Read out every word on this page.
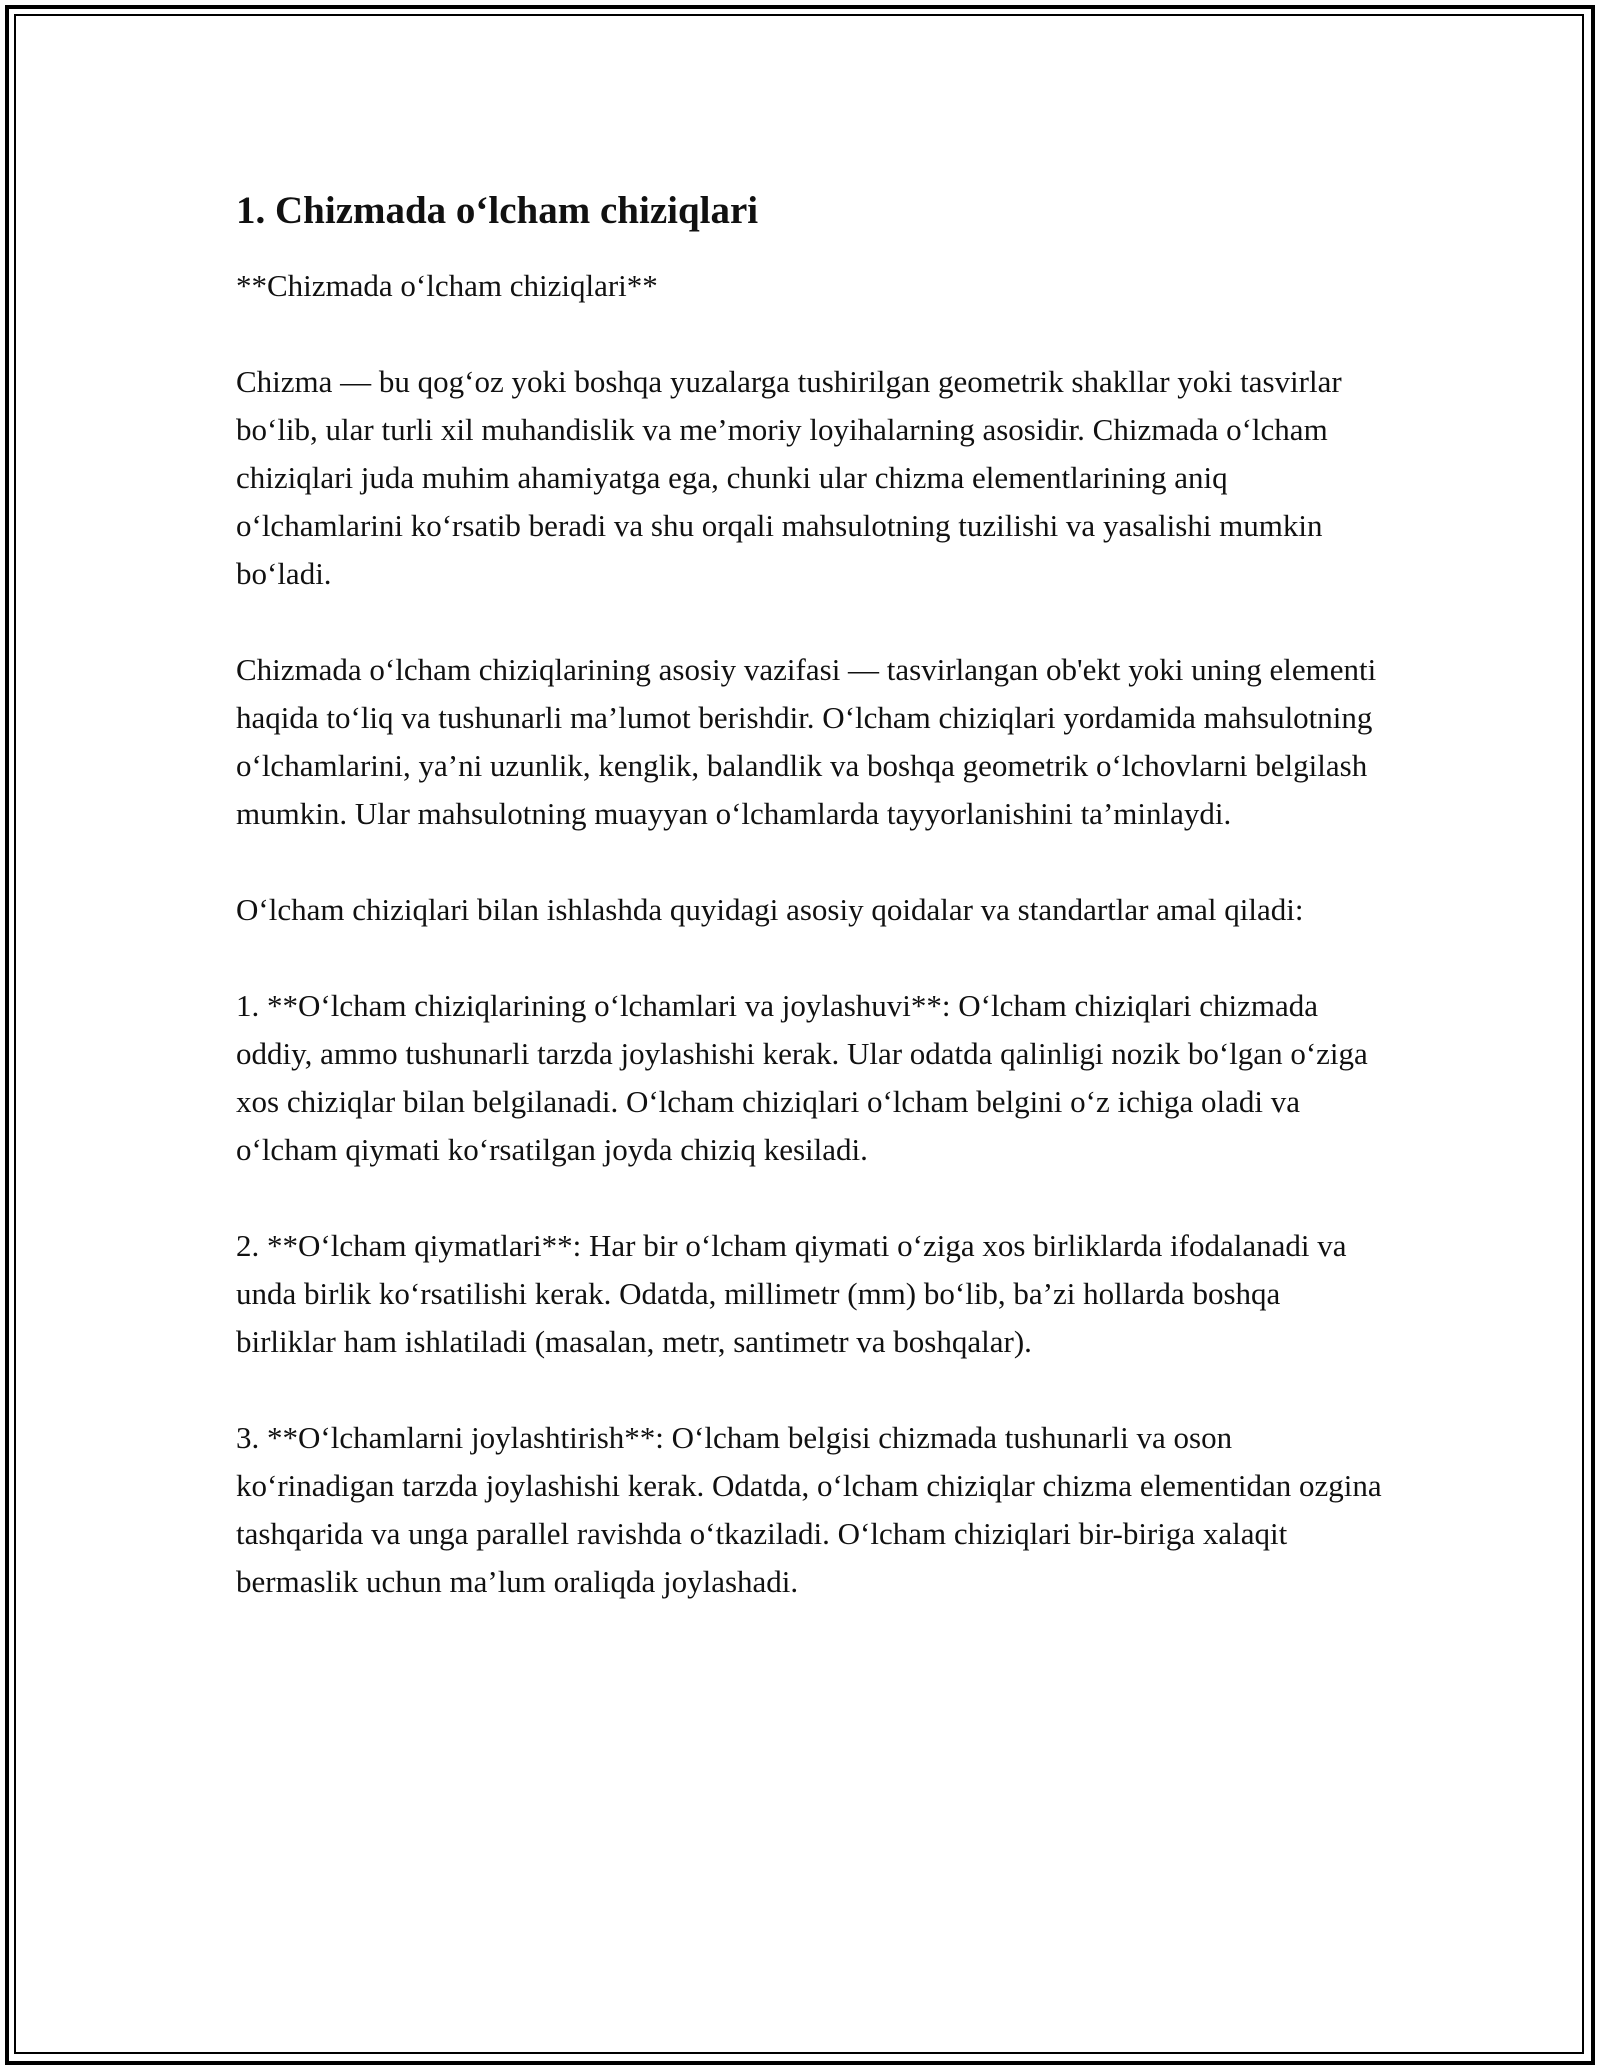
1. Chizmada o‘lcham chiziqlari

**Chizmada o‘lcham chiziqlari**

Chizma — bu qog‘oz yoki boshqa yuzalarga tushirilgan geometrik shakllar yoki tasvirlar bo‘lib, ular turli xil muhandislik va me’moriy loyihalarning asosidir. Chizmada o‘lcham chiziqlari juda muhim ahamiyatga ega, chunki ular chizma elementlarining aniq o‘lchamlarini ko‘rsatib beradi va shu orqali mahsulotning tuzilishi va yasalishi mumkin bo‘ladi.

Chizmada o‘lcham chiziqlarining asosiy vazifasi — tasvirlangan ob'ekt yoki uning elementi haqida to‘liq va tushunarli ma’lumot berishdir. O‘lcham chiziqlari yordamida mahsulotning o‘lchamlarini, ya’ni uzunlik, kenglik, balandlik va boshqa geometrik o‘lchovlarni belgilash mumkin. Ular mahsulotning muayyan o‘lchamlarda tayyorlanishini ta’minlaydi.

O‘lcham chiziqlari bilan ishlashda quyidagi asosiy qoidalar va standartlar amal qiladi:

1. **O‘lcham chiziqlarining o‘lchamlari va joylashuvi**: O‘lcham chiziqlari chizmada oddiy, ammo tushunarli tarzda joylashishi kerak. Ular odatda qalinligi nozik bo‘lgan o‘ziga xos chiziqlar bilan belgilanadi. O‘lcham chiziqlari o‘lcham belgini o‘z ichiga oladi va o‘lcham qiymati ko‘rsatilgan joyda chiziq kesiladi.

2. **O‘lcham qiymatlari**: Har bir o‘lcham qiymati o‘ziga xos birliklarda ifodalanadi va unda birlik ko‘rsatilishi kerak. Odatda, millimetr (mm) bo‘lib, ba’zi hollarda boshqa birliklar ham ishlatiladi (masalan, metr, santimetr va boshqalar).

3. **O‘lchamlarni joylashtirish**: O‘lcham belgisi chizmada tushunarli va oson ko‘rinadigan tarzda joylashishi kerak. Odatda, o‘lcham chiziqlar chizma elementidan ozgina tashqarida va unga parallel ravishda o‘tkaziladi. O‘lcham chiziqlari bir-biriga xalaqit bermaslik uchun ma’lum oraliqda joylashadi.
